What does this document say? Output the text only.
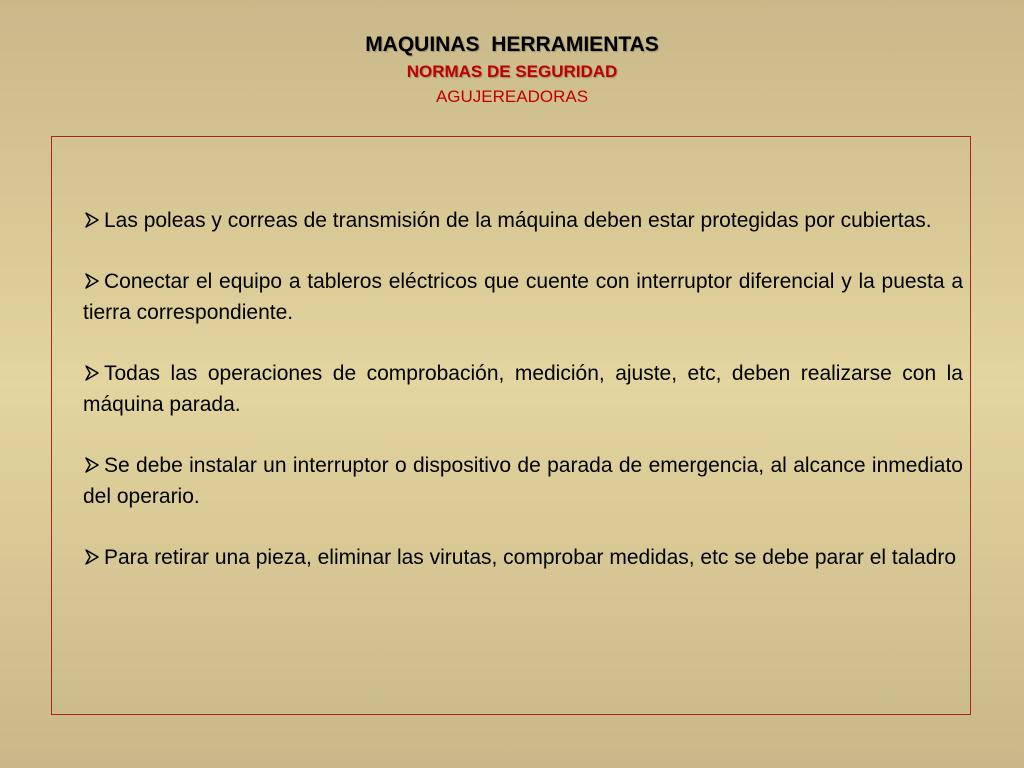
MAQUINAS  HERRAMIENTAS
NORMAS DE SEGURIDAD
AGUJEREADORAS

Las poleas y correas de transmisión de la máquina deben estar protegidas por cubiertas.

Conectar el equipo a tableros eléctricos que cuente con interruptor diferencial y la puesta a tierra correspondiente.

Todas las operaciones de comprobación, medición, ajuste, etc, deben realizarse con la máquina parada.

Se debe instalar un interruptor o dispositivo de parada de emergencia, al alcance inmediato del operario.

Para retirar una pieza, eliminar las virutas, comprobar medidas, etc se debe parar el taladro
